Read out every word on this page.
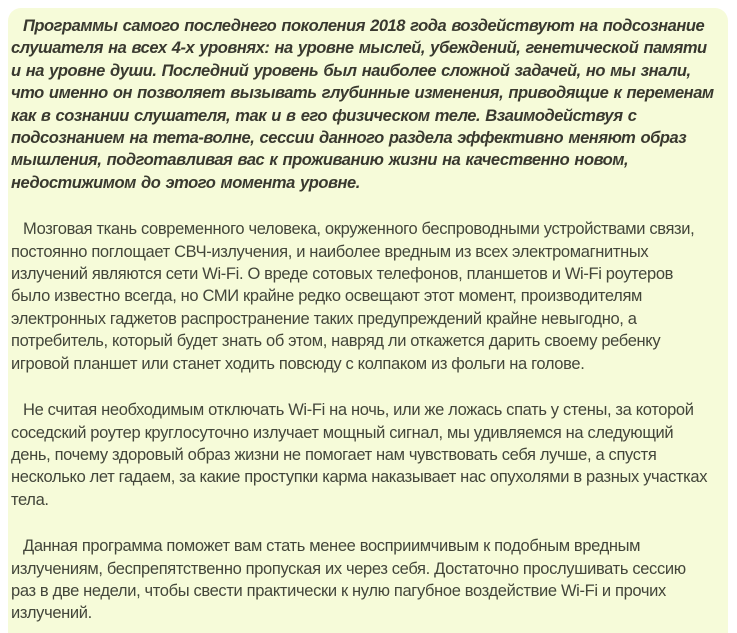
Программы самого последнего поколения 2018 года воздействуют на подсознание слушателя на всех 4-х уровнях: на уровне мыслей, убеждений, генетической памяти и на уровне души. Последний уровень был наиболее сложной задачей, но мы знали, что именно он позволяет вызывать глубинные изменения, приводящие к переменам как в сознании слушателя, так и в его физическом теле. Взаимодействуя с подсознанием на тета-волне, сессии данного раздела эффективно меняют образ мышления, подготавливая вас к проживанию жизни на качественно новом, недостижимом до этого момента уровне.

Мозговая ткань современного человека, окруженного беспроводными устройствами связи, постоянно поглощает СВЧ-излучения, и наиболее вредным из всех электромагнитных излучений являются сети Wi-Fi. О вреде сотовых телефонов, планшетов и Wi-Fi роутеров было известно всегда, но СМИ крайне редко освещают этот момент, производителям электронных гаджетов распространение таких предупреждений крайне невыгодно, а потребитель, который будет знать об этом, навряд ли откажется дарить своему ребенку игровой планшет или станет ходить повсюду с колпаком из фольги на голове.

Не считая необходимым отключать Wi-Fi на ночь, или же ложась спать у стены, за которой соседский роутер круглосуточно излучает мощный сигнал, мы удивляемся на следующий день, почему здоровый образ жизни не помогает нам чувствовать себя лучше, а спустя несколько лет гадаем, за какие проступки карма наказывает нас опухолями в разных участках тела.

Данная программа поможет вам стать менее восприимчивым к подобным вредным излучениям, беспрепятственно пропуская их через себя. Достаточно прослушивать сессию раз в две недели, чтобы свести практически к нулю пагубное воздействие Wi-Fi и прочих излучений.
